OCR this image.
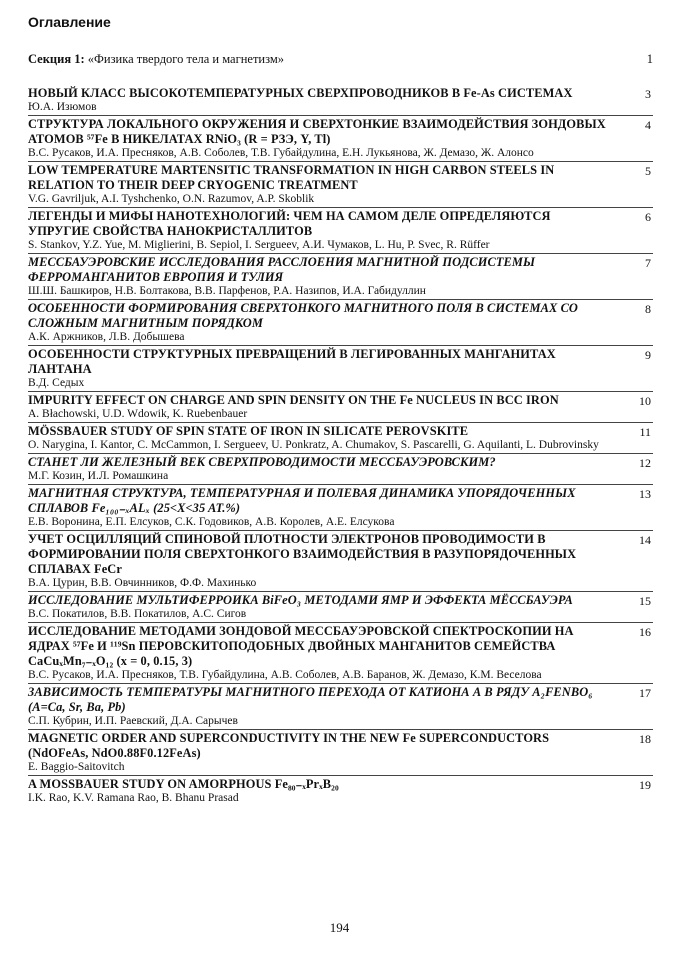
Оглавление
Секция 1: «Физика твердого тела и магнетизм»	1
НОВЫЙ КЛАСС ВЫСОКОТЕМПЕРАТУРНЫХ СВЕРХПРОВОДНИКОВ В Fe-As СИСТЕМАХ
Ю.А. Изюмов
3
СТРУКТУРА ЛОКАЛЬНОГО ОКРУЖЕНИЯ И СВЕРХТОНКИЕ ВЗАИМОДЕЙСТВИЯ ЗОНДОВЫХ АТОМОВ ⁵⁷Fe В НИКЕЛАТАХ RNiO₃ (R = РЗЭ, Y, Tl)
В.С. Русаков, И.А. Пресняков, А.В. Соболев, Т.В. Губайдулина, Е.Н. Лукьянова, Ж. Демазо, Ж. Алонсо
4
LOW TEMPERATURE MARTENSITIC TRANSFORMATION IN HIGH CARBON STEELS IN RELATION TO THEIR DEEP CRYOGENIC TREATMENT
V.G. Gavriljuk, A.I. Tyshchenko, O.N. Razumov, A.P. Skoblik
5
ЛЕГЕНДЫ И МИФЫ НАНОТЕХНОЛОГИЙ: ЧЕМ НА САМОМ ДЕЛЕ ОПРЕДЕЛЯЮТСЯ УПРУГИЕ СВОЙСТВА НАНОКРИСТАЛЛИТОВ
S. Stankov, Y.Z. Yue, M. Miglierini, B. Sepiol, I. Sergueev, А.И. Чумаков, L. Hu, P. Svec, R. Rüffer
6
МЕССБАУЭРОВСКИЕ ИССЛЕДОВАНИЯ РАССЛОЕНИЯ МАГНИТНОЙ ПОДСИСТЕМЫ ФЕРРОМАНГАНИТОВ ЕВРОПИЯ И ТУЛИЯ
Ш.Ш. Башкиров, Н.В. Болтакова, В.В. Парфенов, Р.А. Назипов, И.А. Габидуллин
7
ОСОБЕННОСТИ ФОРМИРОВАНИЯ СВЕРХТОНКОГО МАГНИТНОГО ПОЛЯ В СИСТЕМАХ СО СЛОЖНЫМ МАГНИТНЫМ ПОРЯДКОМ
А.К. Аржников, Л.В. Добышева
8
ОСОБЕННОСТИ СТРУКТУРНЫХ ПРЕВРАЩЕНИЙ В ЛЕГИРОВАННЫХ МАНГАНИТАХ ЛАНТАНА
В.Д. Седых
9
IMPURITY EFFECT ON CHARGE AND SPIN DENSITY ON THE Fe NUCLEUS IN BCC IRON
A. Błachowski, U.D. Wdowik, K. Ruebenbauer
10
MÖSSBAUER STUDY OF SPIN STATE OF IRON IN SILICATE PEROVSKITE
O. Narygina, I. Kantor, C. McCammon, I. Sergueev, U. Ponkratz, A. Chumakov, S. Pascarelli, G. Aquilanti, L. Dubrovinsky
11
СТАНЕТ ЛИ ЖЕЛЕЗНЫЙ ВЕК СВЕРХПРОВОДИМОСТИ МЕССБАУЭРОВСКИМ?
М.Г. Козин, И.Л. Ромашкина
12
МАГНИТНАЯ СТРУКТУРА, ТЕМПЕРАТУРНАЯ И ПОЛЕВАЯ ДИНАМИКА УПОРЯДОЧЕННЫХ СПЛАВОВ Fe₁₀₀₋ₓALₓ (25<X<35 AT.%)
Е.В. Воронина, Е.П. Елсуков, С.К. Годовиков, А.В. Королев, А.Е. Елсукова
13
УЧЕТ ОСЦИЛЛЯЦИЙ СПИНОВОЙ ПЛОТНОСТИ ЭЛЕКТРОНОВ ПРОВОДИМОСТИ В ФОРМИРОВАНИИ ПОЛЯ СВЕРХТОНКОГО ВЗАИМОДЕЙСТВИЯ В РАЗУПОРЯДОЧЕННЫХ СПЛАВАХ FeCr
В.А. Цурин, В.В. Овчинников, Ф.Ф. Махинько
14
ИССЛЕДОВАНИЕ МУЛЬТИФЕРРОИКА BiFeO₃ МЕТОДАМИ ЯМР И ЭФФЕКТА МЁССБАУЭРА
В.С. Покатилов, В.В. Покатилов, А.С. Сигов
15
ИССЛЕДОВАНИЕ МЕТОДАМИ ЗОНДОВОЙ МЕССБАУЭРОВСКОЙ СПЕКТРОСКОПИИ НА ЯДРАХ ⁵⁷Fe И ¹¹⁹Sn ПЕРОВСКИТОПОДОБНЫХ ДВОЙНЫХ МАНГАНИТОВ СЕМЕЙСТВА CaCuₓMn₇₋ₓO₁₂ (x = 0, 0.15, 3)
В.С. Русаков, И.А. Пресняков, Т.В. Губайдулина, А.В. Соболев, А.В. Баранов, Ж. Демазо, К.М. Веселова
16
ЗАВИСИМОСТЬ ТЕМПЕРАТУРЫ МАГНИТНОГО ПЕРЕХОДА ОТ КАТИОНА А В РЯДУ A₂FENBO₆ (A=Ca, Sr, Ba, Pb)
С.П. Кубрин, И.П. Раевский, Д.А. Сарычев
17
MAGNETIC ORDER AND SUPERCONDUCTIVITY IN THE NEW Fe SUPERCONDUCTORS (NdOFeAs, NdO0.88F0.12FeAs)
E. Baggio-Saitovitch
18
A MOSSBAUER STUDY ON AMORPHOUS Fe₈₀₋ₓPrₓB₂₀
I.K. Rao, K.V. Ramana Rao, B. Bhanu Prasad
19
194
